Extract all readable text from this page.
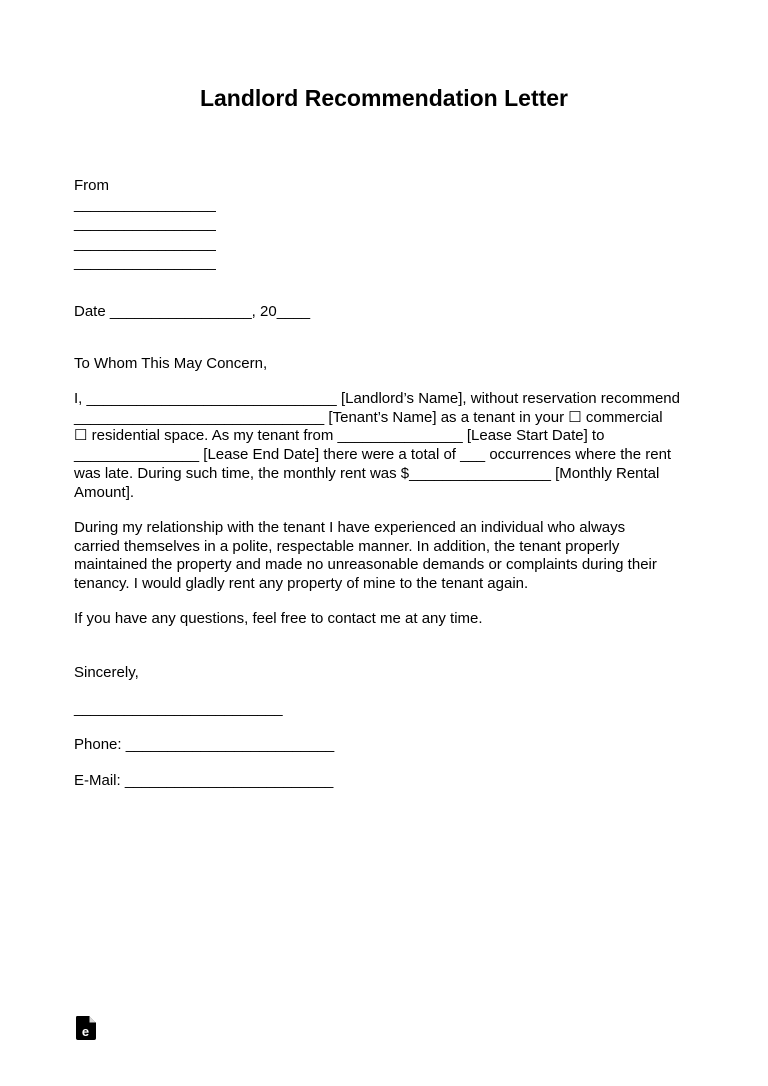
Landlord Recommendation Letter
From
_________________
_________________
_________________
_________________
Date _________________, 20____
To Whom This May Concern,
I, ______________________________ [Landlord’s Name], without reservation recommend
______________________________ [Tenant’s Name] as a tenant in your ☐ commercial
☐ residential space. As my tenant from _______________ [Lease Start Date] to
_______________ [Lease End Date] there were a total of ___ occurrences where the rent
was late. During such time, the monthly rent was $_________________ [Monthly Rental
Amount].
During my relationship with the tenant I have experienced an individual who always
carried themselves in a polite, respectable manner. In addition, the tenant properly
maintained the property and made no unreasonable demands or complaints during their
tenancy. I would gladly rent any property of mine to the tenant again.
If you have any questions, feel free to contact me at any time.
Sincerely,
_________________________
Phone: _________________________
E-Mail: _________________________
e
